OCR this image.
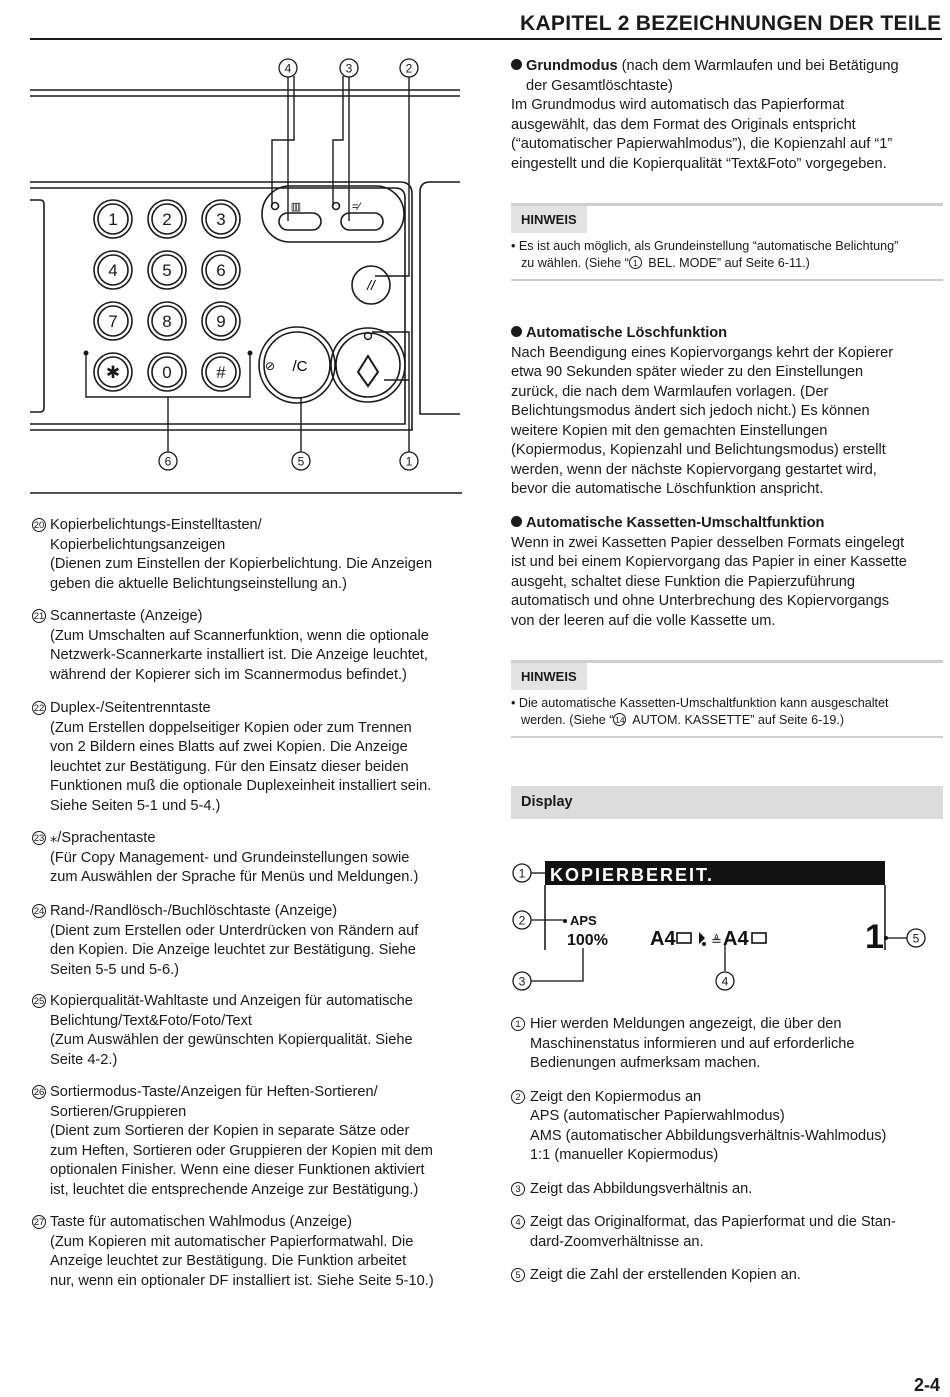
KAPITEL 2 BEZEICHNUNGEN DER TEILE
1	2	3
4	5	6
7	8	9
✱ 0	#
▥	=⁄
//
⊘ /C
4	3	2
6	5	1
20 Kopierbelichtungs-Einstelltasten/
Kopierbelichtungsanzeigen
(Dienen zum Einstellen der Kopierbelichtung. Die Anzeigen
geben die aktuelle Belichtungseinstellung an.)
21 Scannertaste (Anzeige)
(Zum Umschalten auf Scannerfunktion, wenn die optionale
Netzwerk-Scannerkarte installiert ist. Die Anzeige leuchtet,
während der Kopierer sich im Scannermodus befindet.)
22 Duplex-/Seitentrenntaste
(Zum Erstellen doppelseitiger Kopien oder zum Trennen
von 2 Bildern eines Blatts auf zwei Kopien. Die Anzeige
leuchtet zur Bestätigung. Für den Einsatz dieser beiden
Funktionen muß die optionale Duplexeinheit installiert sein.
Siehe Seiten 5-1 und 5-4.)
23 ⁎/Sprachentaste
(Für Copy Management- und Grundeinstellungen sowie
zum Auswählen der Sprache für Menüs und Meldungen.)
24 Rand-/Randlösch-/Buchlöschtaste (Anzeige)
(Dient zum Erstellen oder Unterdrücken von Rändern auf
den Kopien. Die Anzeige leuchtet zur Bestätigung. Siehe
Seiten 5-5 und 5-6.)
25 Kopierqualität-Wahltaste und Anzeigen für automatische
Belichtung/Text&Foto/Foto/Text
(Zum Auswählen der gewünschten Kopierqualität. Siehe
Seite 4-2.)
26 Sortiermodus-Taste/Anzeigen für Heften-Sortieren/
Sortieren/Gruppieren
(Dient zum Sortieren der Kopien in separate Sätze oder
zum Heften, Sortieren oder Gruppieren der Kopien mit dem
optionalen Finisher. Wenn eine dieser Funktionen aktiviert
ist, leuchtet die entsprechende Anzeige zur Bestätigung.)
27 Taste für automatischen Wahlmodus (Anzeige)
(Zum Kopieren mit automatischer Papierformatwahl. Die
Anzeige leuchtet zur Bestätigung. Die Funktion arbeitet
nur, wenn ein optionaler DF installiert ist. Siehe Seite 5-10.)
Grundmodus (nach dem Warmlaufen und bei Betätigung
der Gesamtlöschtaste)
Im Grundmodus wird automatisch das Papierformat
ausgewählt, das dem Format des Originals entspricht
(“automatischer Papierwahlmodus”), die Kopienzahl auf “1”
eingestellt und die Kopierqualität “Text&Foto” vorgegeben.
HINWEIS
• Es ist auch möglich, als Grundeinstellung “automatische Belichtung”
zu wählen. (Siehe “ 1 BEL. MODE” auf Seite 6-11.)
Automatische Löschfunktion
Nach Beendigung eines Kopiervorgangs kehrt der Kopierer
etwa 90 Sekunden später wieder zu den Einstellungen
zurück, die nach dem Warmlaufen vorlagen. (Der
Belichtungsmodus ändert sich jedoch nicht.) Es können
weitere Kopien mit den gemachten Einstellungen
(Kopiermodus, Kopienzahl und Belichtungsmodus) erstellt
werden, wenn der nächste Kopiervorgang gestartet wird,
bevor die automatische Löschfunktion anspricht.
Automatische Kassetten-Umschaltfunktion
Wenn in zwei Kassetten Papier desselben Formats eingelegt
ist und bei einem Kopiervorgang das Papier in einer Kassette
ausgeht, schaltet diese Funktion die Papierzuführung
automatisch und ohne Unterbrechung des Kopiervorgangs
von der leeren auf die volle Kassette um.
HINWEIS
• Die automatische Kassetten-Umschaltfunktion kann ausgeschaltet
werden. (Siehe “ 14 AUTOM. KASSETTE” auf Seite 6-19.)
Display
KOPIERBEREIT.
APS
100% A4	≜ A4	1
1
2
3	4
5
1 Hier werden Meldungen angezeigt, die über den
Maschinenstatus informieren und auf erforderliche
Bedienungen aufmerksam machen.
2 Zeigt den Kopiermodus an
APS (automatischer Papierwahlmodus)
AMS (automatischer Abbildungsverhältnis-Wahlmodus)
1:1 (manueller Kopiermodus)
3 Zeigt das Abbildungsverhältnis an.
4 Zeigt das Originalformat, das Papierformat und die Stan-
dard-Zoomverhältnisse an.
5 Zeigt die Zahl der erstellenden Kopien an.
2-4
